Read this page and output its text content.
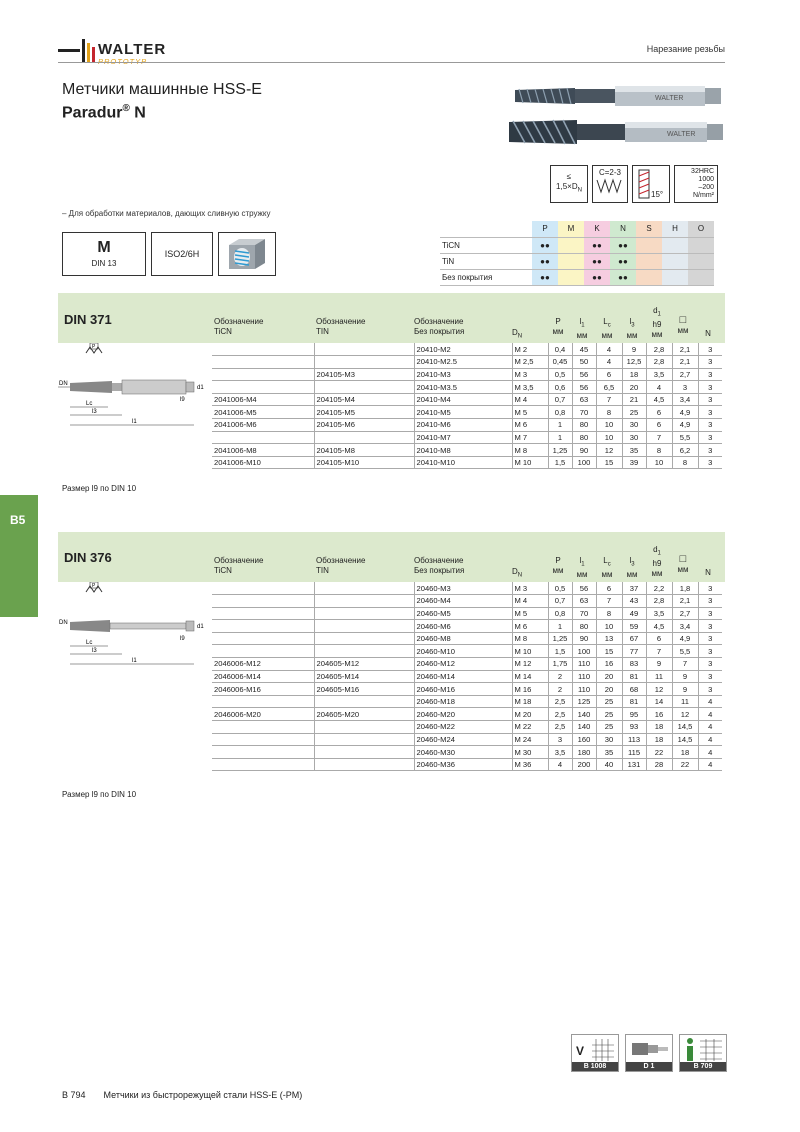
WALTER	Нарезание резьбы
Метчики машинные HSS-E
Paradur® N
WALTER
WALTER
≤
$1,5\times D_N$
C=2-3
15°
32HRC
1000
–200
N/mm²
– Для обработки материалов, дающих сливную стружку
M
DIN 13
ISO2/6H
	P	M	K	N	S	H	O
TiCN	●●		●●	●●			
TiN	●●		●●	●●			
Без покрытия	●●		●●	●●			
DIN 371	Обозначение
TiCN
Обозначение
TIN
Обозначение
Без покрытия	$D_N$
P
мм
$l_1$
мм
$L_c$
мм
$l_3$
мм
$d_1$
h9
мм
□
мм	N
P
DN
d1
Lc
l3
l1
l9
		20410-M2	M 2	0,4	45	4	9	2,8	2,1	3
		20410-M2.5	M 2,5	0,45	50	4	12,5	2,8	2,1	3
	204105-M3	20410-M3	M 3	0,5	56	6	18	3,5	2,7	3
		20410-M3.5	M 3,5	0,6	56	6,5	20	4	3	3
2041006-M4	204105-M4	20410-M4	M 4	0,7	63	7	21	4,5	3,4	3
2041006-M5	204105-M5	20410-M5	M 5	0,8	70	8	25	6	4,9	3
2041006-M6	204105-M6	20410-M6	M 6	1	80	10	30	6	4,9	3
		20410-M7	M 7	1	80	10	30	7	5,5	3
2041006-M8	204105-M8	20410-M8	M 8	1,25	90	12	35	8	6,2	3
2041006-M10	204105-M10	20410-M10	M 10	1,5	100	15	39	10	8	3
Размер l9 по DIN 10
DIN 376	Обозначение
TiCN
Обозначение
TIN
Обозначение
Без покрытия	$D_N$
P
мм
$l_1$
мм
$L_c$
мм
$l_3$
мм
$d_1$
h9
мм
□
мм	N
P
DN
d1
Lc
l3
l1
l9
		20460-M3	M 3	0,5	56	6	37	2,2	1,8	3
		20460-M4	M 4	0,7	63	7	43	2,8	2,1	3
		20460-M5	M 5	0,8	70	8	49	3,5	2,7	3
		20460-M6	M 6	1	80	10	59	4,5	3,4	3
		20460-M8	M 8	1,25	90	13	67	6	4,9	3
		20460-M10	M 10	1,5	100	15	77	7	5,5	3
2046006-M12	204605-M12	20460-M12	M 12	1,75	110	16	83	9	7	3
2046006-M14	204605-M14	20460-M14	M 14	2	110	20	81	11	9	3
2046006-M16	204605-M16	20460-M16	M 16	2	110	20	68	12	9	3
		20460-M18	M 18	2,5	125	25	81	14	11	4
2046006-M20	204605-M20	20460-M20	M 20	2,5	140	25	95	16	12	4
		20460-M22	M 22	2,5	140	25	93	18	14,5	4
		20460-M24	M 24	3	160	30	113	18	14,5	4
		20460-M30	M 30	3,5	180	35	115	22	18	4
		20460-M36	M 36	4	200	40	131	28	22	4
Размер l9 по DIN 10
B5
V
B 1008	D 1	B 709
B 794 Метчики из быстрорежущей стали HSS-E (-PM)
